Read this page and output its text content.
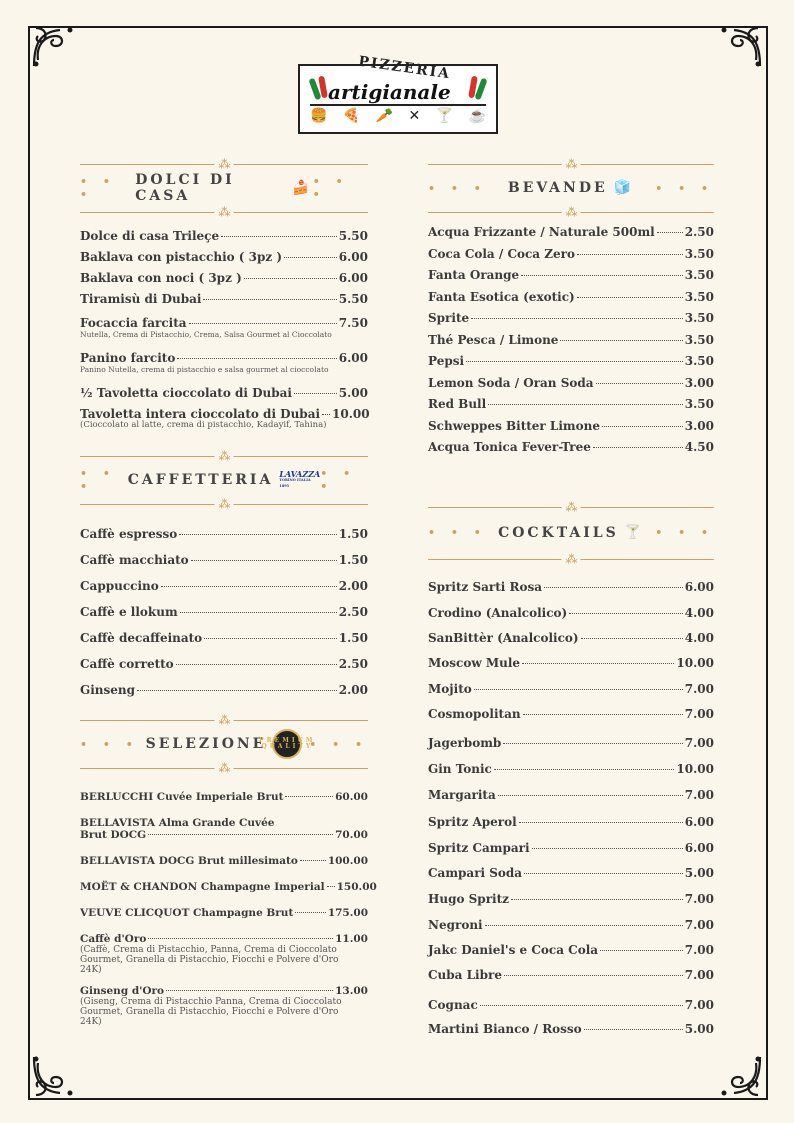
PIZZERIA
artigianale
🍔 🍕 🥕 ✕ 🍸 ☕
⁂
• • •
DOLCI DI CASA	🍰 • • •
⁂
Dolce di casa Trileçe	5.50
Baklava con pistacchio ( 3pz )	6.00
Baklava con noci ( 3pz )	6.00
Tiramisù di Dubai	5.50
Focaccia farcita	7.50
Nutella, Crema di Pistacchio, Crema, Salsa Gourmet al Cioccolato
Panino farcito	6.00
Panino Nutella, crema di pistacchio e salsa gourmet al cioccolato
½ Tavoletta cioccolato di Dubai	5.00
Tavoletta intera cioccolato di Dubai 10.00
(Cioccolato al latte, crema di pistacchio, Kadayif, Tahina)
⁂
• • •	CAFFETTERIA LAVAZZA
TORINO ITALIA 1895
• • •
⁂
Caffè espresso	1.50
Caffè macchiato	1.50
Cappuccino	2.00
Caffè e llokum	2.50
Caffè decaffeinato	1.50
Caffè corretto	2.50
Ginseng	2.00
⁂
• • • SELEZIONE
PREMIUM QUALITY
• • •
⁂
BERLUCCHI Cuvée Imperiale Brut	60.00
BELLAVISTA Alma Grande Cuvée
Brut DOCG	70.00
BELLAVISTA DOCG Brut millesimato	100.00
MOËT & CHANDON Champagne Imperial 150.00
VEUVE CLICQUOT Champagne Brut	175.00
Caffè d'Oro	11.00
(Caffè, Crema di Pistacchio, Panna, Crema di Cioccolato Gourmet, Granella di Pistacchio, Fiocchi e Polvere d'Oro 24K)
Ginseng d'Oro	13.00
(Giseng, Crema di Pistacchio Panna, Crema di Cioccolato Gourmet, Granella di Pistacchio, Fiocchi e Polvere d'Oro 24K)
⁂
• • • BEVANDE 🧊 • • •
⁂
Acqua Frizzante / Naturale 500ml	2.50
Coca Cola / Coca Zero	3.50
Fanta Orange	3.50
Fanta Esotica (exotic)	3.50
Sprite	3.50
Thé Pesca / Limone	3.50
Pepsi	3.50
Lemon Soda / Oran Soda	3.00
Red Bull	3.50
Schweppes Bitter Limone	3.00
Acqua Tonica Fever-Tree	4.50
⁂
• • • COCKTAILS 🍸 • • •
⁂
Spritz Sarti Rosa	6.00
Crodino (Analcolico)	4.00
SanBittèr (Analcolico)	4.00
Moscow Mule	10.00
Mojito	7.00
Cosmopolitan	7.00
Jagerbomb	7.00
Gin Tonic	10.00
Margarita	7.00
Spritz Aperol	6.00
Spritz Campari	6.00
Campari Soda	5.00
Hugo Spritz	7.00
Negroni	7.00
Jakc Daniel's e Coca Cola	7.00
Cuba Libre	7.00
Cognac	7.00
Martini Bianco / Rosso	5.00
